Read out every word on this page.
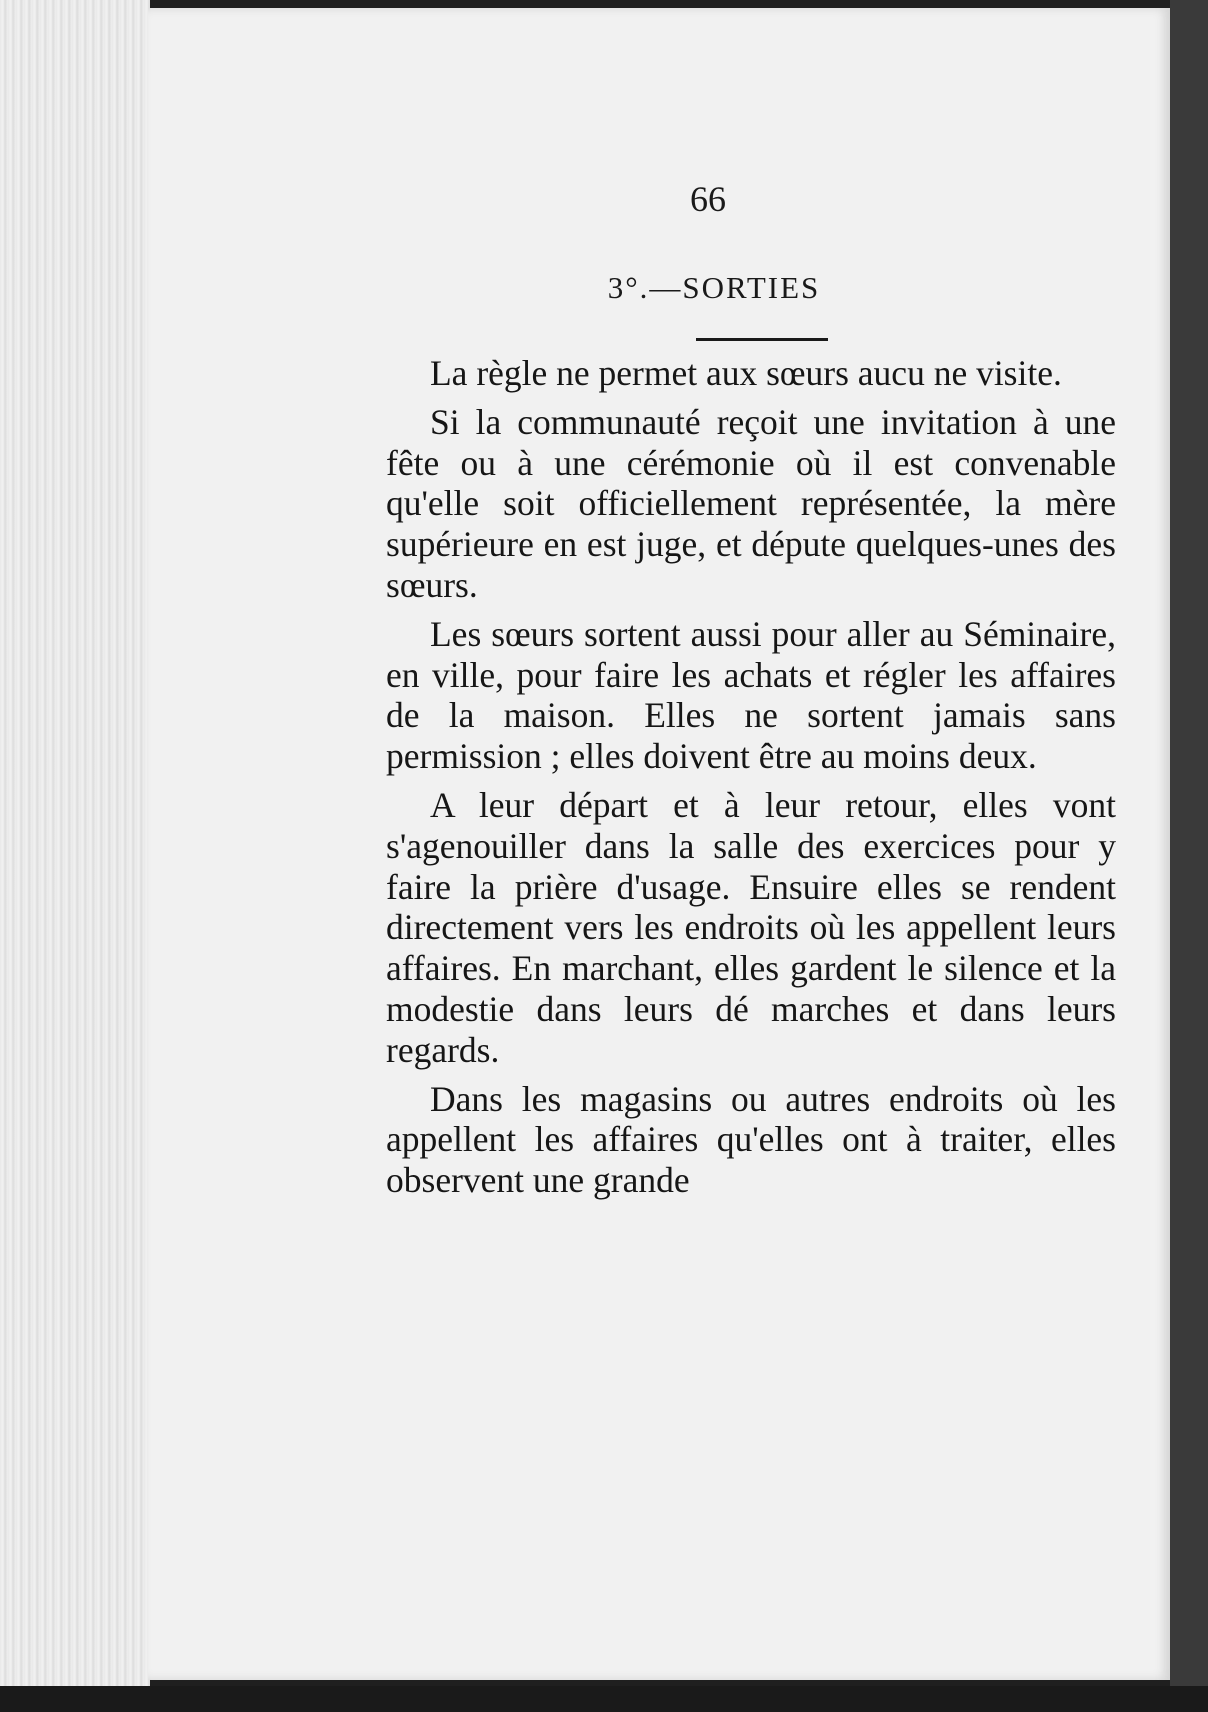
66
3°.—SORTIES

La règle ne permet aux sœurs aucu ne visite.

Si la communauté reçoit une invitation à une fête ou à une cérémonie où il est convenable qu'elle soit officiellement représentée, la mère supérieure en est juge, et députe quelques-unes des sœurs.

Les sœurs sortent aussi pour aller au Séminaire, en ville, pour faire les achats et régler les affaires de la maison. Elles ne sortent jamais sans permission ; elles doivent être au moins deux.

A leur départ et à leur retour, elles vont s'agenouiller dans la salle des exercices pour y faire la prière d'usage. Ensuire elles se rendent directement vers les endroits où les appellent leurs affaires. En marchant, elles gardent le silence et la modestie dans leurs dé marches et dans leurs regards.

Dans les magasins ou autres endroits où les appellent les affaires qu'elles ont à traiter, elles observent une grande
